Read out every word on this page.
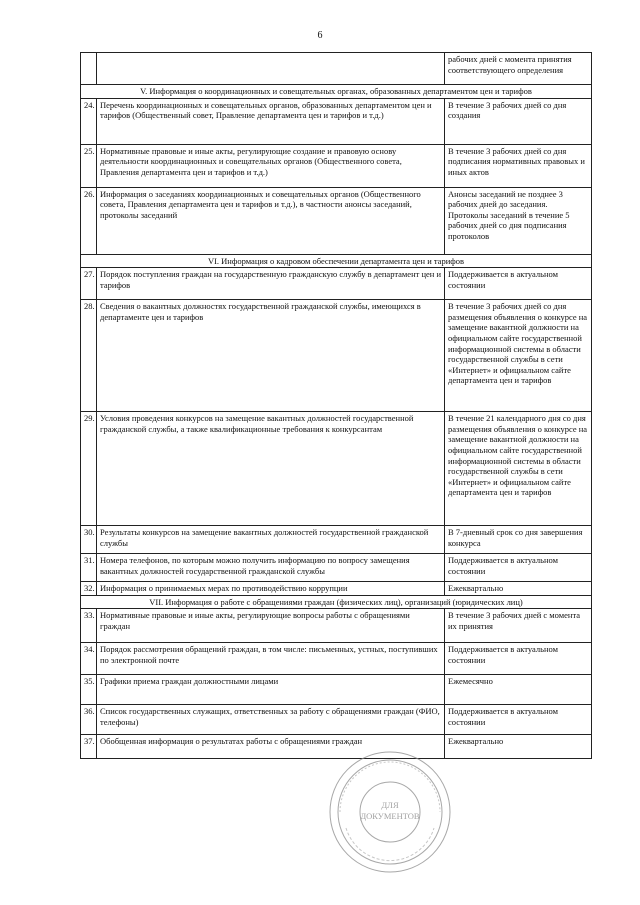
6
		рабочих дней с момента принятия соответствующего определения
V. Информация о координационных и совещательных органах, образованных департаментом цен и тарифов		
24.	Перечень координационных и совещательных органов, образованных департаментом цен и тарифов (Общественный совет, Правление департамента цен и тарифов и т.д.)	В течение 3 рабочих дней со дня создания
25.	Нормативные правовые и иные акты, регулирующие создание и правовую основу деятельности координационных и совещательных органов (Общественного совета, Правления департамента цен и тарифов и т.д.)	В течение 3 рабочих дней со дня подписания нормативных правовых и иных актов
26.	Информация о заседаниях координационных и совещательных органов (Общественного совета, Правления департамента цен и тарифов и т.д.), в частности анонсы заседаний, протоколы заседаний	Анонсы заседаний не позднее 3 рабочих дней до заседания. Протоколы заседаний в течение 5 рабочих дней со дня подписания протоколов
VI. Информация о кадровом обеспечении департамента цен и тарифов		
27.	Порядок поступления граждан на государственную гражданскую службу в департамент цен и тарифов	Поддерживается в актуальном состоянии
28.	Сведения о вакантных должностях государственной гражданской службы, имеющихся в департаменте цен и тарифов	В течение 3 рабочих дней со дня размещения объявления о конкурсе на замещение вакантной должности на официальном сайте государственной информационной системы в области государственной службы в сети «Интернет» и официальном сайте департамента цен и тарифов
29.	Условия проведения конкурсов на замещение вакантных должностей государственной гражданской службы, а также квалификационные требования к конкурсантам	В течение 21 календарного дня со дня размещения объявления о конкурсе на замещение вакантной должности на официальном сайте государственной информационной системы в области государственной службы в сети «Интернет» и официальном сайте департамента цен и тарифов
30.	Результаты конкурсов на замещение вакантных должностей государственной гражданской службы	В 7-дневный срок со дня завершения конкурса
31.	Номера телефонов, по которым можно получить информацию по вопросу замещения вакантных должностей государственной гражданской службы	Поддерживается в актуальном состоянии
32.	Информация о принимаемых мерах по противодействию коррупции	Ежеквартально
VII. Информация о работе с обращениями граждан (физических лиц), организаций (юридических лиц)		
33.	Нормативные правовые и иные акты, регулирующие вопросы работы с обращениями граждан	В течение 3 рабочих дней с момента их принятия
34.	Порядок рассмотрения обращений граждан, в том числе: письменных, устных, поступивших по электронной почте	Поддерживается в актуальном состоянии
35.	Графики приема граждан должностными лицами	Ежемесячно
36.	Список государственных служащих, ответственных за работу с обращениями граждан (ФИО, телефоны)	Поддерживается в актуальном состоянии
37.	Обобщенная информация о результатах работы с обращениями граждан	Ежеквартально
ДЛЯ
ДОКУМЕНТОВ
